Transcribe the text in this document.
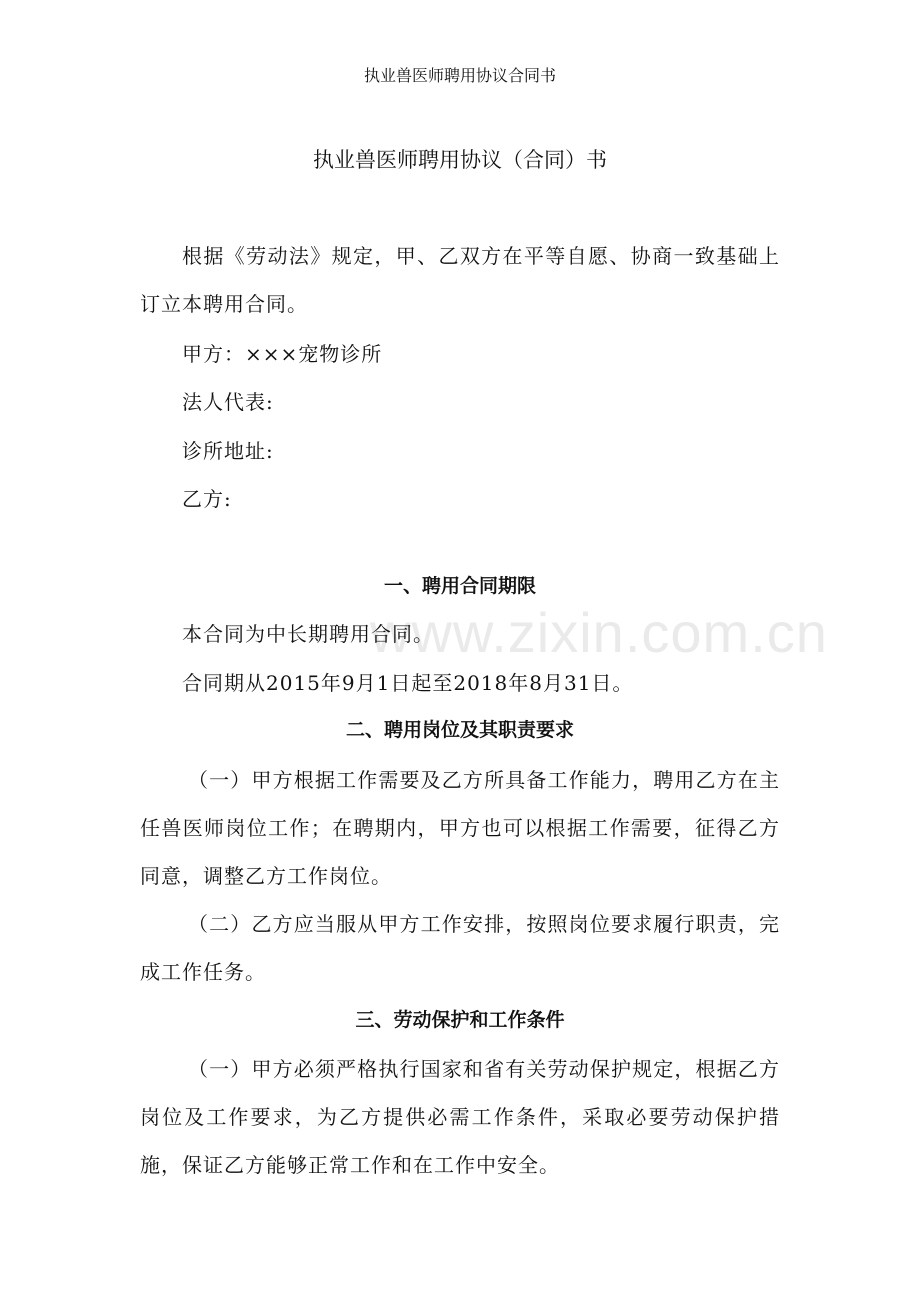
执业兽医师聘用协议合同书
执业兽医师聘用协议（合同）书

根据《劳动法》规定，甲、乙双方在平等自愿、协商一致基础上订立本聘用合同。

甲方：×××宠物诊所
法人代表:
诊所地址:
乙方:
www.zixin.com.cn
一、聘用合同期限

本合同为中长期聘用合同。

合同期从2015年9月1日起至2018年8月31日。

二、聘用岗位及其职责要求

（一）甲方根据工作需要及乙方所具备工作能力，聘用乙方在主任兽医师岗位工作；在聘期内，甲方也可以根据工作需要，征得乙方同意，调整乙方工作岗位。

（二）乙方应当服从甲方工作安排，按照岗位要求履行职责，完成工作任务。

三、劳动保护和工作条件

（一）甲方必须严格执行国家和省有关劳动保护规定，根据乙方岗位及工作要求，为乙方提供必需工作条件，采取必要劳动保护措施，保证乙方能够正常工作和在工作中安全。
